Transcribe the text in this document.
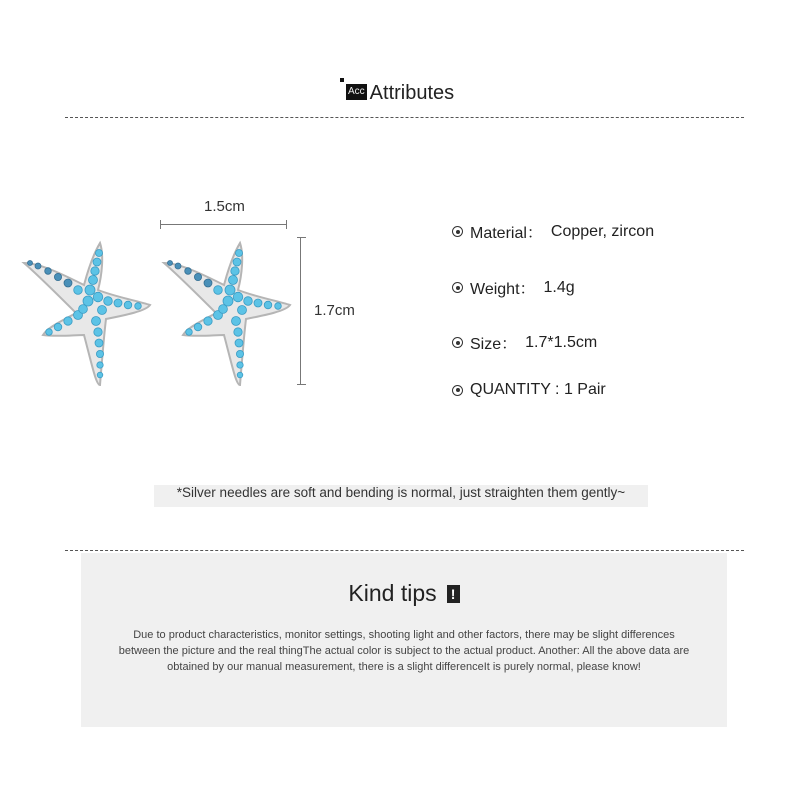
Acc Attributes
1.5cm
1.7cm
Material： Copper, zircon
Weight： 1.4g
Size： 1.7*1.5cm
QUANTITY : 1 Pair
*Silver needles are soft and bending is normal, just straighten them gently~
Kind tips !
Due to product characteristics, monitor settings, shooting light and other factors, there may be slight differences between the picture and the real thingThe actual color is subject to the actual product. Another: All the above data are obtained by our manual measurement, there is a slight differenceIt is purely normal, please know!
